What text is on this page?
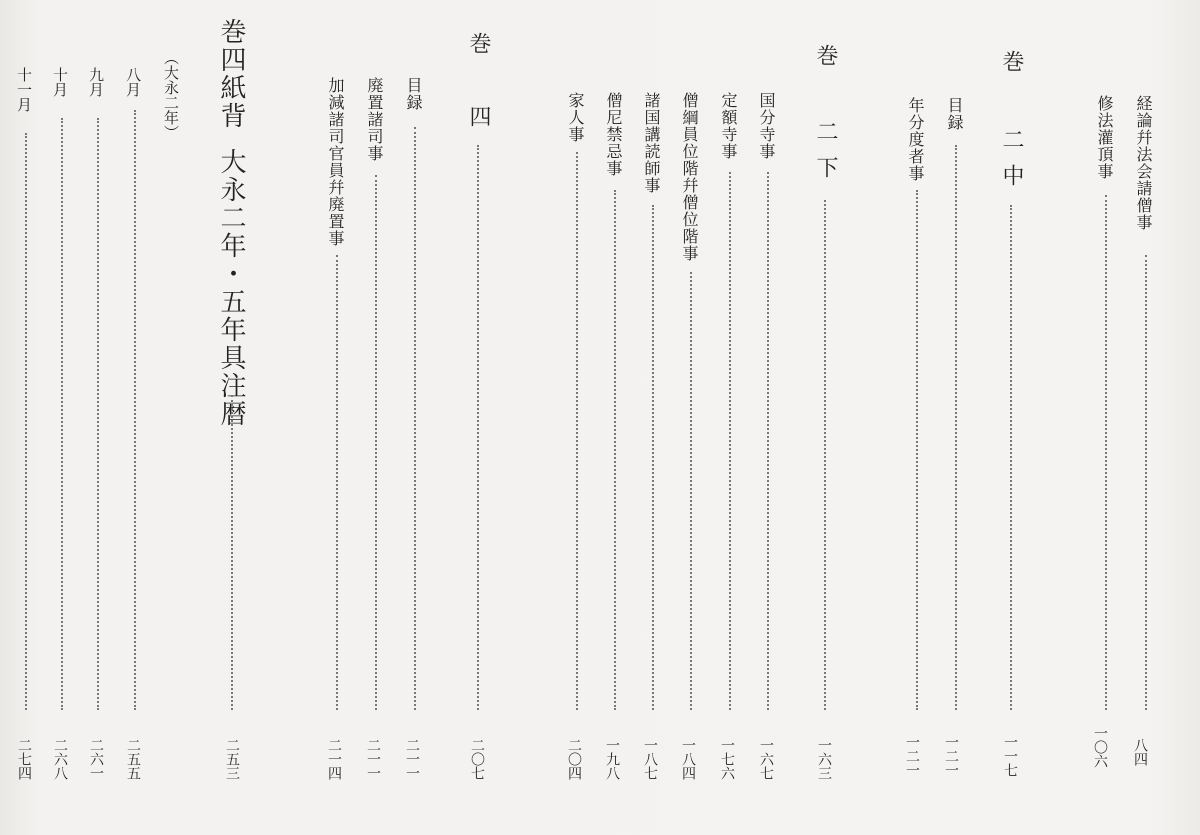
経論幷法会請僧事
八四
修法灌頂事
一〇六
巻
二中
一一七
目録
一二一
年分度者事
一二一
巻
二下
一六三
国分寺事
一六七
定額寺事
一七六
僧綱員位階幷僧位階事
一八四
諸国講読師事
一八七
僧尼禁忌事
一九八
家人事
二〇四
巻
四
二〇七
目録
二一一
廃置諸司事
二一一
加減諸司官員幷廃置事
二一四
巻四紙背
大永二年・五年具注暦
二五三
（大永二年）
八月
二五五
九月
二六一
十月
二六八
十一月
二七四
